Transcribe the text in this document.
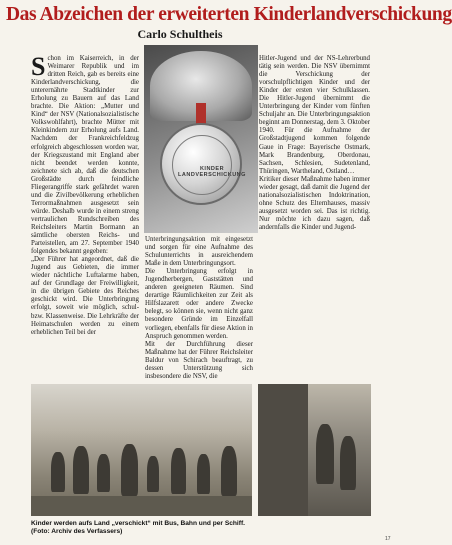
Das Abzeichen der erweiterten Kinderlandverschickung
Carlo Schultheis

Schon im Kaiserreich, in der Weimarer Republik und im dritten Reich, gab es bereits eine Kinderlandverschickung, die unterernährte Stadtkinder zur Erholung zu Bauern auf das Land brachte. Die Aktion: „Mutter und Kind“ der NSV (Nationalsozialistische Volkswohlfahrt), brachte Mütter mit Kleinkindern zur Erholung aufs Land. Nachdem der Frankreichfeldzug erfolgreich abgeschlossen worden war, der Kriegszustand mit England aber nicht beendet werden konnte, zeichnete sich ab, daß die deutschen Großstädte durch feindliche Fliegerangriffe stark gefährdet waren und die Zivilbevölkerung erheblichen Terrormaßnahmen ausgesetzt sein würde. Deshalb wurde in einem streng vertraulichen Rundschreiben des Reichsleiters Martin Bormann an sämtliche obersten Reichs- und Parteistellen, am 27. September 1940 folgendes bekannt gegeben:

„Der Führer hat angeordnet, daß die Jugend aus Gebieten, die immer wieder nächtliche Luftalarme haben, auf der Grundlage der Freiwilligkeit, in die übrigen Gebiete des Reiches geschickt wird. Die Unterbringung erfolgt, soweit wie möglich, schul- bzw. Klassenweise. Die Lehrkräfte der Heimatschulen werden zu einem erheblichen Teil bei der

KINDER LANDVERSCHICKUNG

Unterbringungsaktion mit eingesetzt und sorgen für eine Aufnahme des Schulunterrichts in ausreichendem Maße in dem Unterbringungsort.

Die Unterbringung erfolgt in Jugendherbergen, Gaststätten und anderen geeigneten Räumen. Sind derartige Räumlichkeiten zur Zeit als Hilfslazarett oder andere Zwecke belegt, so können sie, wenn nicht ganz besondere Gründe im Einzelfall vorliegen, ebenfalls für diese Aktion in Anspruch genommen werden.

Mit der Durchführung dieser Maßnahme hat der Führer Reichsleiter Baldur von Schirach beauftragt, zu dessen Unterstützung sich insbesondere die NSV, die

Hitler-Jugend und der NS-Lehrerbund tätig sein werden. Die NSV übernimmt die Verschickung der vorschulpflichtigen Kinder und der Kinder der ersten vier Schulklassen. Die Hitler-Jugend übernimmt die Unterbringung der Kinder vom fünften Schuljahr an. Die Unterbringungsaktion beginnt am Donnerstag, dem 3. Oktober 1940. Für die Aufnahme der Großstadtjugend kommen folgende Gaue in Frage: Bayerische Ostmark, Mark Brandenburg, Oberdonau, Sachsen, Schlesien, Sudetenland, Thüringen, Wartheland, Ostland…

Kritiker dieser Maßnahme haben immer wieder gesagt, daß damit die Jugend der nationalsozialistischen Indoktrination, ohne Schutz des Elternhauses, massiv ausgesetzt worden sei. Das ist richtig. Nur möchte ich dazu sagen, daß andernfalls die Kinder und Jugend-

Kinder werden aufs Land „verschickt“ mit Bus, Bahn und per Schiff.
(Foto: Archiv des Verfassers)
17
